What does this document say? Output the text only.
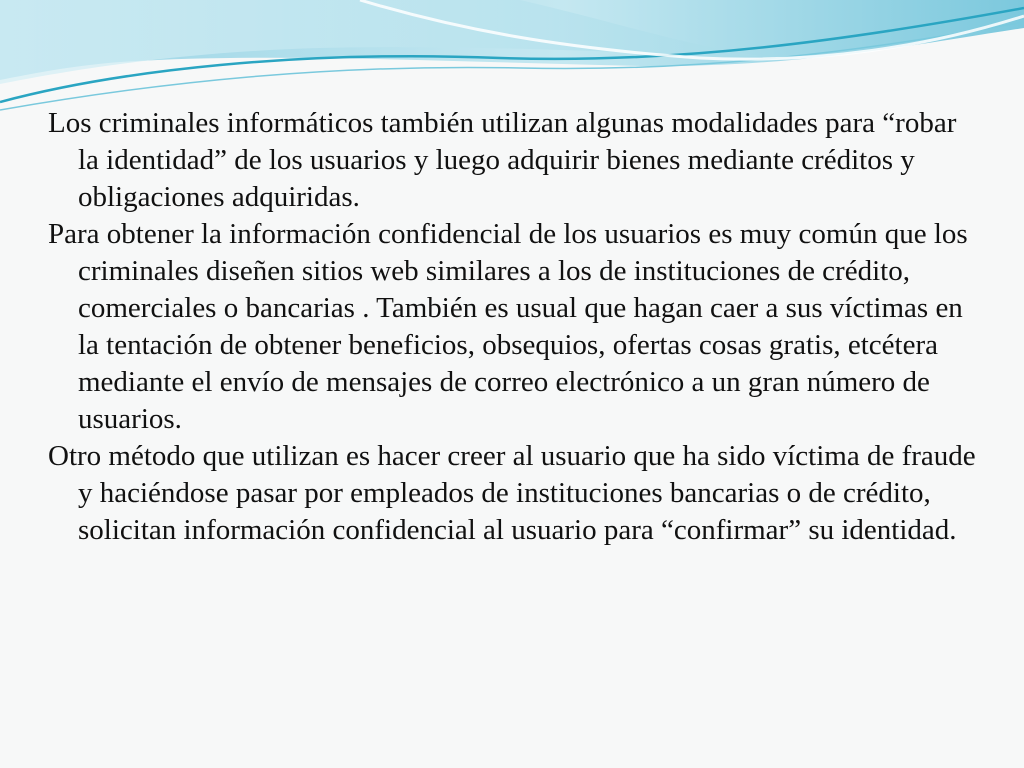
Los criminales informáticos también utilizan algunas modalidades para “robar la identidad” de los usuarios y luego adquirir bienes mediante créditos y obligaciones adquiridas.

Para obtener la información confidencial de los usuarios es muy común que los criminales diseñen sitios web similares a los de instituciones de crédito, comerciales o bancarias . También es usual que hagan caer a sus víctimas en la tentación de obtener beneficios, obsequios, ofertas cosas gratis, etcétera mediante el envío de mensajes de correo electrónico a un gran número de usuarios.

Otro método que utilizan es hacer creer al usuario que ha sido víctima de fraude y haciéndose pasar por empleados de instituciones bancarias o de crédito, solicitan información confidencial al usuario para “confirmar” su identidad.
